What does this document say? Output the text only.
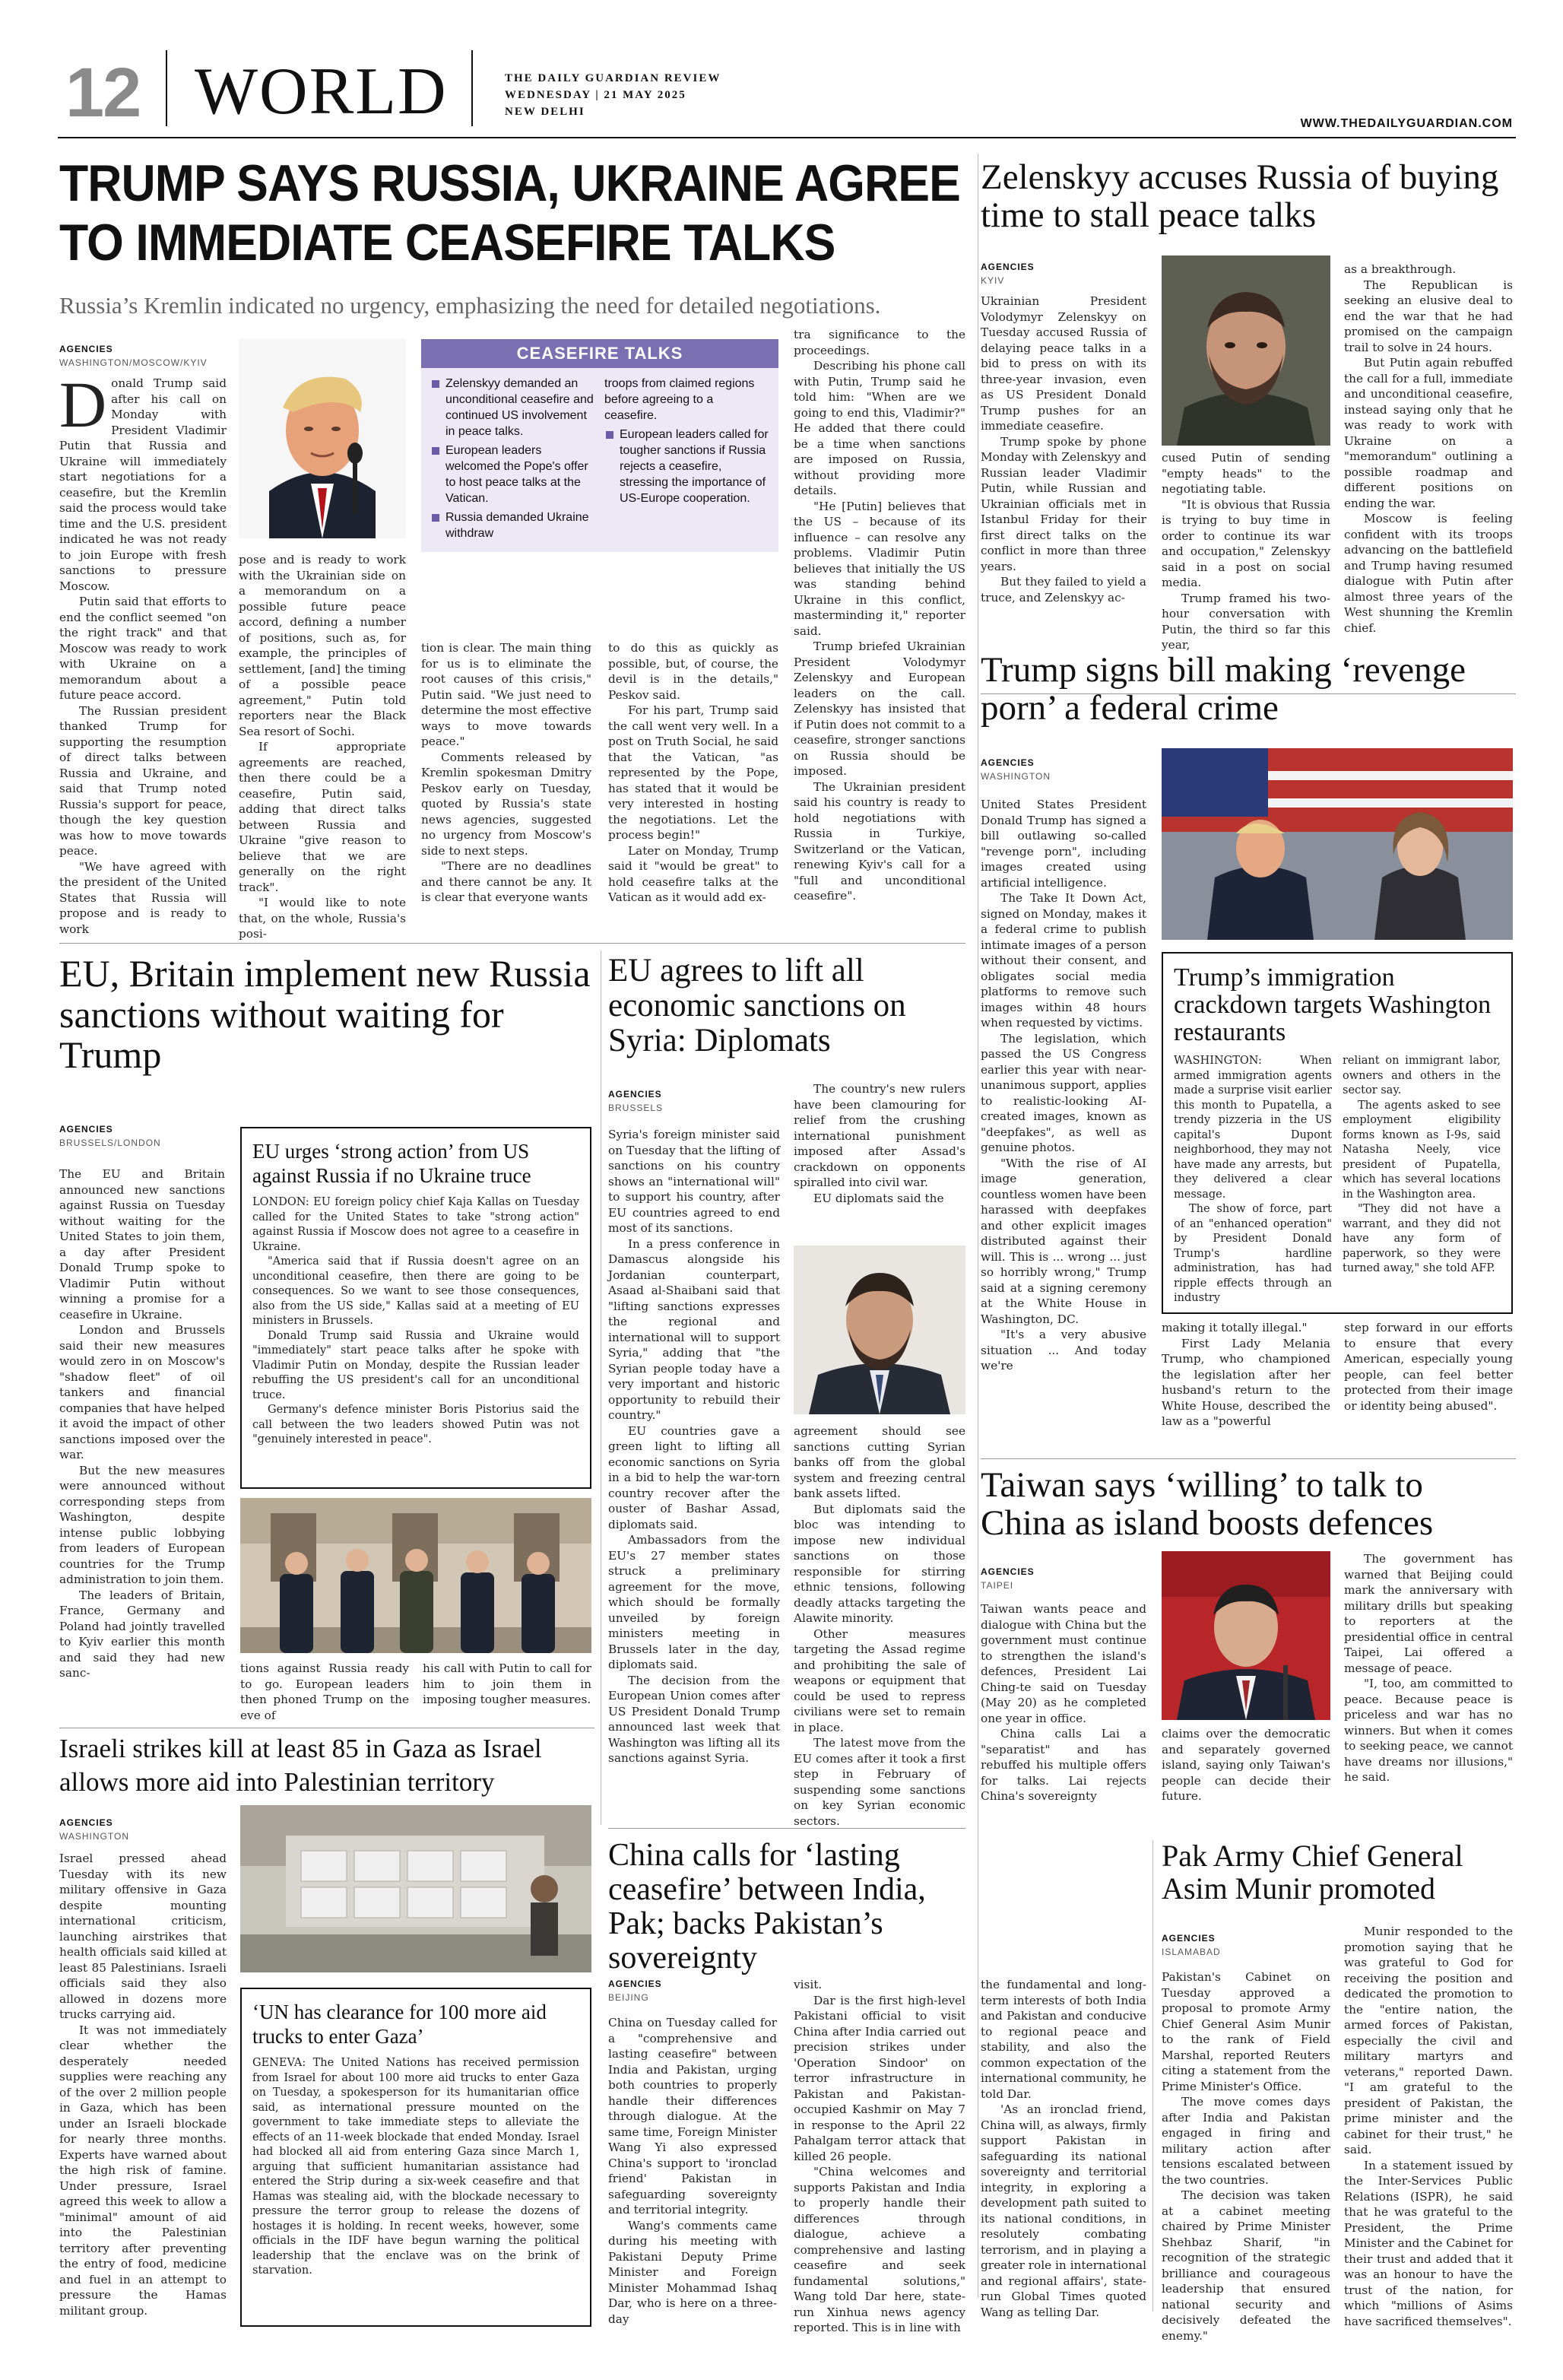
12 WORLD	THE DAILY GUARDIAN REVIEW
WEDNESDAY | 21 MAY 2025
NEW DELHI
WWW.THEDAILYGUARDIAN.COM
TRUMP SAYS RUSSIA, UKRAINE AGREE
TO IMMEDIATE CEASEFIRE TALKS
Russia’s Kremlin indicated no urgency, emphasizing the need for detailed negotiations.
AGENCIES
WASHINGTON/MOSCOW/KYIV

Donald Trump said after his call on Monday with President Vladimir Putin that Russia and Ukraine will immediately start negotiations for a ceasefire, but the Kremlin said the process would take time and the U.S. president indicated he was not ready to join Europe with fresh sanctions to pressure Moscow.

Putin said that efforts to end the conflict seemed "on the right track" and that Moscow was ready to work with Ukraine on a memorandum about a future peace accord.

The Russian president thanked Trump for supporting the resumption of direct talks between Russia and Ukraine, and said that Trump noted Russia's support for peace, though the key question was how to move towards peace.

"We have agreed with the president of the United States that Russia will propose and is ready to work

CEASEFIRE TALKS
Zelenskyy demanded an unconditional ceasefire and continued US involvement in peace talks.
European leaders welcomed the Pope's offer to host peace talks at the Vatican.
Russia demanded Ukraine withdraw
troops from claimed regions before agreeing to a ceasefire.
European leaders called for tougher sanctions if Russia rejects a ceasefire, stressing the importance of US-Europe cooperation.

pose and is ready to work with the Ukrainian side on a memorandum on a possible future peace accord, defining a number of positions, such as, for example, the principles of settlement, [and] the timing of a possible peace agreement," Putin told reporters near the Black Sea resort of Sochi.

If appropriate agreements are reached, then there could be a ceasefire, Putin said, adding that direct talks between Russia and Ukraine "give reason to believe that we are generally on the right track".

"I would like to note that, on the whole, Russia's posi-

tion is clear. The main thing for us is to eliminate the root causes of this crisis," Putin said. "We just need to determine the most effective ways to move towards peace."

Comments released by Kremlin spokesman Dmitry Peskov early on Tuesday, quoted by Russia's state news agencies, suggested no urgency from Moscow's side to next steps.

"There are no deadlines and there cannot be any. It is clear that everyone wants

to do this as quickly as possible, but, of course, the devil is in the details," Peskov said.

For his part, Trump said the call went very well. In a post on Truth Social, he said that the Vatican, "as represented by the Pope, has stated that it would be very interested in hosting the negotiations. Let the process begin!"

Later on Monday, Trump said it "would be great" to hold ceasefire talks at the Vatican as it would add ex-

tra significance to the proceedings.

Describing his phone call with Putin, Trump said he told him: "When are we going to end this, Vladimir?" He added that there could be a time when sanctions are imposed on Russia, without providing more details.

"He [Putin] believes that the US – because of its influence – can resolve any problems. Vladimir Putin believes that initially the US was standing behind Ukraine in this conflict, masterminding it," reporter said.

Trump briefed Ukrainian President Volodymyr Zelenskyy and European leaders on the call. Zelenskyy has insisted that if Putin does not commit to a ceasefire, stronger sanctions on Russia should be imposed.

The Ukrainian president said his country is ready to hold negotiations with Russia in Turkiye, Switzerland or the Vatican, renewing Kyiv's call for a "full and unconditional ceasefire".

Zelenskyy accuses Russia of buying time to stall peace talks
AGENCIES
KYIV

Ukrainian President Volodymyr Zelenskyy on Tuesday accused Russia of delaying peace talks in a bid to press on with its three-year invasion, even as US President Donald Trump pushes for an immediate ceasefire.

Trump spoke by phone Monday with Zelenskyy and Russian leader Vladimir Putin, while Russian and Ukrainian officials met in Istanbul Friday for their first direct talks on the conflict in more than three years.

But they failed to yield a truce, and Zelenskyy ac-

cused Putin of sending "empty heads" to the negotiating table.

"It is obvious that Russia is trying to buy time in order to continue its war and occupation," Zelenskyy said in a post on social media.

Trump framed his two-hour conversation with Putin, the third so far this year,

as a breakthrough.

The Republican is seeking an elusive deal to end the war that he had promised on the campaign trail to solve in 24 hours.

But Putin again rebuffed the call for a full, immediate and unconditional ceasefire, instead saying only that he was ready to work with Ukraine on a "memorandum" outlining a possible roadmap and different positions on ending the war.

Moscow is feeling confident with its troops advancing on the battlefield and Trump having resumed dialogue with Putin after almost three years of the West shunning the Kremlin chief.

Trump signs bill making ‘revenge porn’ a federal crime
AGENCIES
WASHINGTON

United States President Donald Trump has signed a bill outlawing so-called "revenge porn", including images created using artificial intelligence.

The Take It Down Act, signed on Monday, makes it a federal crime to publish intimate images of a person without their consent, and obligates social media platforms to remove such images within 48 hours when requested by victims.

The legislation, which passed the US Congress earlier this year with near-unanimous support, applies to realistic-looking AI-created images, known as "deepfakes", as well as genuine photos.

"With the rise of AI image generation, countless women have been harassed with deepfakes and other explicit images distributed against their will. This is ... wrong ... just so horribly wrong," Trump said at a signing ceremony at the White House in Washington, DC.

"It's a very abusive situation ... And today we're

Trump’s immigration crackdown targets Washington restaurants

WASHINGTON: When armed immigration agents made a surprise visit earlier this month to Pupatella, a trendy pizzeria in the US capital's Dupont neighborhood, they may not have made any arrests, but they delivered a clear message.

The show of force, part of an "enhanced operation" by President Donald Trump's hardline administration, has had ripple effects through an industry

reliant on immigrant labor, owners and others in the sector say.

The agents asked to see employment eligibility forms known as I-9s, said Natasha Neely, vice president of Pupatella, which has several locations in the Washington area.

"They did not have a warrant, and they did not have any form of paperwork, so they were turned away," she told AFP.

making it totally illegal."

First Lady Melania Trump, who championed the legislation after her husband's return to the White House, described the law as a "powerful

step forward in our efforts to ensure that every American, especially young people, can feel better protected from their image or identity being abused".

EU, Britain implement new Russia sanctions without waiting for Trump
AGENCIES
BRUSSELS/LONDON

The EU and Britain announced new sanctions against Russia on Tuesday without waiting for the United States to join them, a day after President Donald Trump spoke to Vladimir Putin without winning a promise for a ceasefire in Ukraine.

London and Brussels said their new measures would zero in on Moscow's "shadow fleet" of oil tankers and financial companies that have helped it avoid the impact of other sanctions imposed over the war.

But the new measures were announced without corresponding steps from Washington, despite intense public lobbying from leaders of European countries for the Trump administration to join them.

The leaders of Britain, France, Germany and Poland had jointly travelled to Kyiv earlier this month and said they had new sanc-

EU urges ‘strong action’ from US against Russia if no Ukraine truce

LONDON: EU foreign policy chief Kaja Kallas on Tuesday called for the United States to take "strong action" against Russia if Moscow does not agree to a ceasefire in Ukraine.

"America said that if Russia doesn't agree on an unconditional ceasefire, then there are going to be consequences. So we want to see those consequences, also from the US side," Kallas said at a meeting of EU ministers in Brussels.

Donald Trump said Russia and Ukraine would "immediately" start peace talks after he spoke with Vladimir Putin on Monday, despite the Russian leader rebuffing the US president's call for an unconditional truce.

Germany's defence minister Boris Pistorius said the call between the two leaders showed Putin was not "genuinely interested in peace".

tions against Russia ready to go. European leaders then phoned Trump on the eve of

his call with Putin to call for him to join them in imposing tougher measures.

EU agrees to lift all economic sanctions on Syria: Diplomats
AGENCIES
BRUSSELS

Syria's foreign minister said on Tuesday that the lifting of sanctions on his country shows an "international will" to support his country, after EU countries agreed to end most of its sanctions.

In a press conference in Damascus alongside his Jordanian counterpart, Asaad al-Shaibani said that "lifting sanctions expresses the regional and international will to support Syria," adding that "the Syrian people today have a very important and historic opportunity to rebuild their country."

EU countries gave a green light to lifting all economic sanctions on Syria in a bid to help the war-torn country recover after the ouster of Bashar Assad, diplomats said.

Ambassadors from the EU's 27 member states struck a preliminary agreement for the move, which should be formally unveiled by foreign ministers meeting in Brussels later in the day, diplomats said.

The decision from the European Union comes after US President Donald Trump announced last week that Washington was lifting all its sanctions against Syria.

The country's new rulers have been clamouring for relief from the crushing international punishment imposed after Assad's crackdown on opponents spiralled into civil war.

EU diplomats said the

agreement should see sanctions cutting Syrian banks off from the global system and freezing central bank assets lifted.

But diplomats said the bloc was intending to impose new individual sanctions on those responsible for stirring ethnic tensions, following deadly attacks targeting the Alawite minority.

Other measures targeting the Assad regime and prohibiting the sale of weapons or equipment that could be used to repress civilians were set to remain in place.

The latest move from the EU comes after it took a first step in February of suspending some sanctions on key Syrian economic sectors.

Israeli strikes kill at least 85 in Gaza as Israel allows more aid into Palestinian territory
AGENCIES
WASHINGTON

Israel pressed ahead Tuesday with its new military offensive in Gaza despite mounting international criticism, launching airstrikes that health officials said killed at least 85 Palestinians. Israeli officials said they also allowed in dozens more trucks carrying aid.

It was not immediately clear whether the desperately needed supplies were reaching any of the over 2 million people in Gaza, which has been under an Israeli blockade for nearly three months. Experts have warned about the high risk of famine. Under pressure, Israel agreed this week to allow a "minimal" amount of aid into the Palestinian territory after preventing the entry of food, medicine and fuel in an attempt to pressure the Hamas militant group.

‘UN has clearance for 100 more aid trucks to enter Gaza’
GENEVA: The United Nations has received permission from Israel for about 100 more aid trucks to enter Gaza on Tuesday, a spokesperson for its humanitarian office said, as international pressure mounted on the government to take immediate steps to alleviate the effects of an 11-week blockade that ended Monday. Israel had blocked all aid from entering Gaza since March 1, arguing that sufficient humanitarian assistance had entered the Strip during a six-week ceasefire and that Hamas was stealing aid, with the blockade necessary to pressure the terror group to release the dozens of hostages it is holding. In recent weeks, however, some officials in the IDF have begun warning the political leadership that the enclave was on the brink of starvation.
Taiwan says ‘willing’ to talk to China as island boosts defences
AGENCIES
TAIPEI

Taiwan wants peace and dialogue with China but the government must continue to strengthen the island's defences, President Lai Ching-te said on Tuesday (May 20) as he completed one year in office.

China calls Lai a "separatist" and has rebuffed his multiple offers for talks. Lai rejects China's sovereignty

claims over the democratic and separately governed island, saying only Taiwan's people can decide their future.

The government has warned that Beijing could mark the anniversary with military drills but speaking to reporters at the presidential office in central Taipei, Lai offered a message of peace.

"I, too, am committed to peace. Because peace is priceless and war has no winners. But when it comes to seeking peace, we cannot have dreams nor illusions," he said.

China calls for ‘lasting ceasefire’ between India, Pak; backs Pakistan’s sovereignty
AGENCIES
BEIJING

China on Tuesday called for a "comprehensive and lasting ceasefire" between India and Pakistan, urging both countries to properly handle their differences through dialogue. At the same time, Foreign Minister Wang Yi also expressed China's support to 'ironclad friend' Pakistan in safeguarding sovereignty and territorial integrity.

Wang's comments came during his meeting with Pakistani Deputy Prime Minister and Foreign Minister Mohammad Ishaq Dar, who is here on a three-day

visit.

Dar is the first high-level Pakistani official to visit China after India carried out precision strikes under 'Operation Sindoor' on terror infrastructure in Pakistan and Pakistan-occupied Kashmir on May 7 in response to the April 22 Pahalgam terror attack that killed 26 people.

"China welcomes and supports Pakistan and India to properly handle their differences through dialogue, achieve a comprehensive and lasting ceasefire and seek fundamental solutions," Wang told Dar here, state-run Xinhua news agency reported. This is in line with

the fundamental and long-term interests of both India and Pakistan and conducive to regional peace and stability, and also the common expectation of the international community, he told Dar.

'As an ironclad friend, China will, as always, firmly support Pakistan in safeguarding its national sovereignty and territorial integrity, in exploring a development path suited to its national conditions, in resolutely combating terrorism, and in playing a greater role in international and regional affairs', state-run Global Times quoted Wang as telling Dar.

Pak Army Chief General Asim Munir promoted
AGENCIES
ISLAMABAD

Pakistan's Cabinet on Tuesday approved a proposal to promote Army Chief General Asim Munir to the rank of Field Marshal, reported Reuters citing a statement from the Prime Minister's Office.

The move comes days after India and Pakistan engaged in firing and military action after tensions escalated between the two countries.

The decision was taken at a cabinet meeting chaired by Prime Minister Shehbaz Sharif, "in recognition of the strategic brilliance and courageous leadership that ensured national security and decisively defeated the enemy."

Munir responded to the promotion saying that he was grateful to God for receiving the position and dedicated the promotion to the "entire nation, the armed forces of Pakistan, especially the civil and military martyrs and veterans," reported Dawn. "I am grateful to the president of Pakistan, the prime minister and the cabinet for their trust," he said.

In a statement issued by the Inter-Services Public Relations (ISPR), he said that he was grateful to the President, the Prime Minister and the Cabinet for their trust and added that it was an honour to have the trust of the nation, for which "millions of Asims have sacrificed themselves".
